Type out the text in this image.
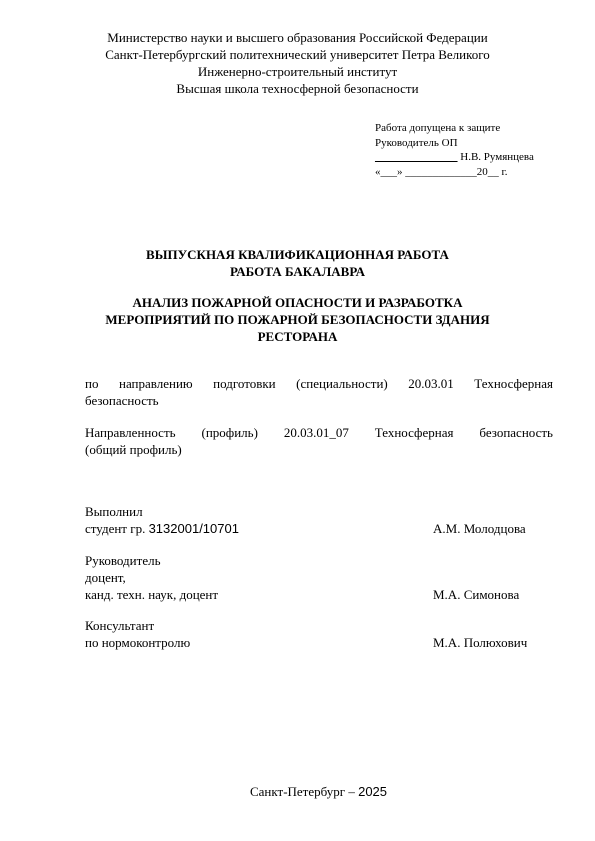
Министерство науки и высшего образования Российской Федерации
Санкт-Петербургский политехнический университет Петра Великого
Инженерно-строительный институт
Высшая школа техносферной безопасности
Работа допущена к защите
Руководитель ОП
_______________ Н.В. Румянцева
«___» _____________20__ г.
ВЫПУСКНАЯ КВАЛИФИКАЦИОННАЯ РАБОТА
РАБОТА БАКАЛАВРА
АНАЛИЗ ПОЖАРНОЙ ОПАСНОСТИ И РАЗРАБОТКА
МЕРОПРИЯТИЙ ПО ПОЖАРНОЙ БЕЗОПАСНОСТИ ЗДАНИЯ
РЕСТОРАНА
по направлению подготовки (специальности) 20.03.01 Техносферная
безопасность
Направленность (профиль) 20.03.01_07 Техносферная безопасность
(общий профиль)
Выполнил
студент гр. 3132001/10701	А.М. Молодцова
Руководитель
доцент,
канд. техн. наук, доцент	М.А. Симонова
Консультант
по нормоконтролю	М.А. Полюхович
Санкт-Петербург – 2025
